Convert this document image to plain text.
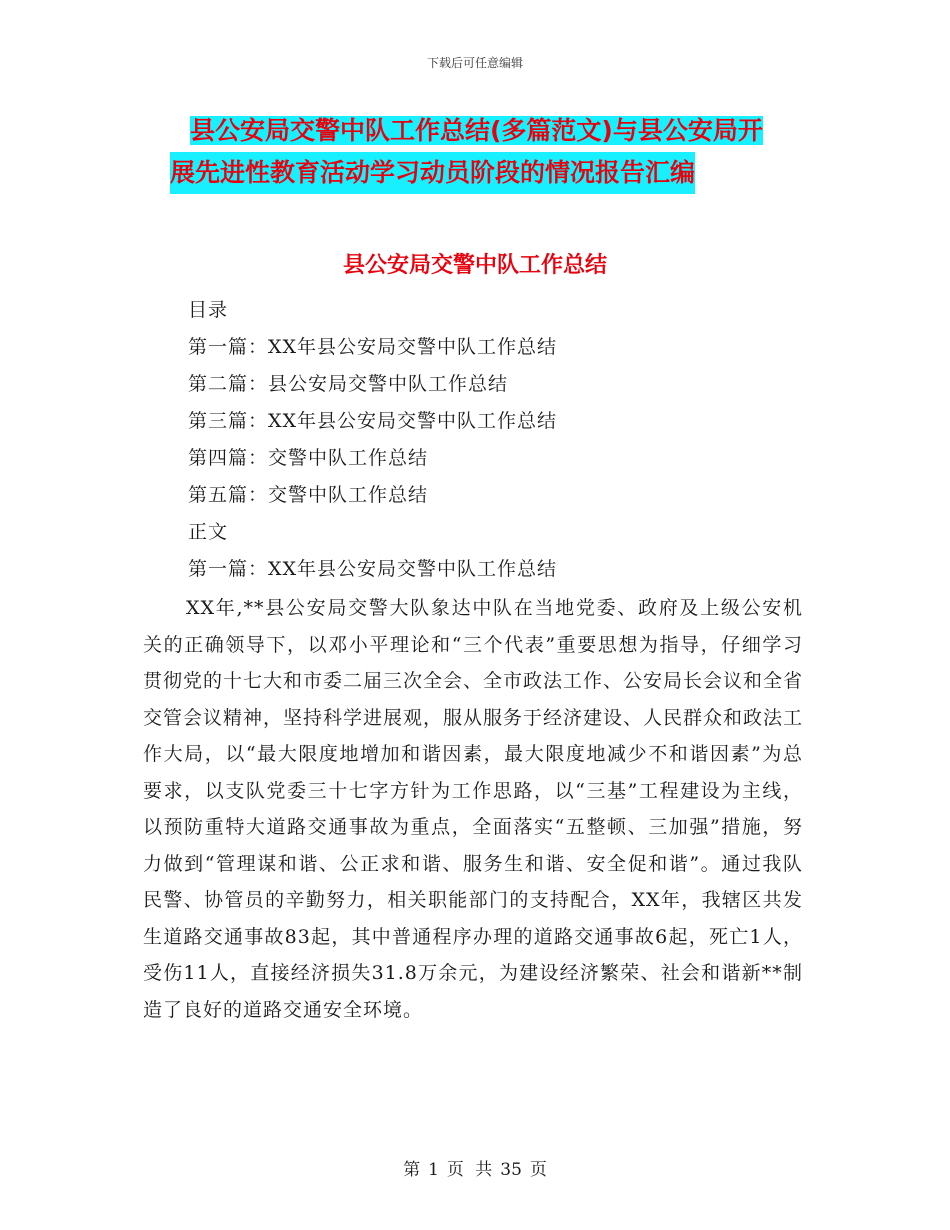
下载后可任意编辑
县公安局交警中队工作总结(多篇范文)与县公安局开
展先进性教育活动学习动员阶段的情况报告汇编
县公安局交警中队工作总结
目录
第一篇：XX年县公安局交警中队工作总结
第二篇：县公安局交警中队工作总结
第三篇：XX年县公安局交警中队工作总结
第四篇：交警中队工作总结
第五篇：交警中队工作总结
正文
第一篇：XX年县公安局交警中队工作总结

XX年,**县公安局交警大队象达中队在当地党委、政府及上级公安机关的正确领导下，以邓小平理论和“三个代表”重要思想为指导，仔细学习贯彻党的十七大和市委二届三次全会、全市政法工作、公安局长会议和全省交管会议精神，坚持科学进展观，服从服务于经济建设、人民群众和政法工作大局，以“最大限度地增加和谐因素，最大限度地减少不和谐因素”为总要求，以支队党委三十七字方针为工作思路，以“三基”工程建设为主线，以预防重特大道路交通事故为重点，全面落实“五整顿、三加强”措施，努力做到“管理谋和谐、公正求和谐、服务生和谐、安全促和谐”。通过我队民警、协管员的辛勤努力，相关职能部门的支持配合，XX年，我辖区共发生道路交通事故83起，其中普通程序办理的道路交通事故6起，死亡1人，受伤11人，直接经济损失31.8万余元，为建设经济繁荣、社会和谐新**制造了良好的道路交通安全环境。

第 1 页 共 35 页
